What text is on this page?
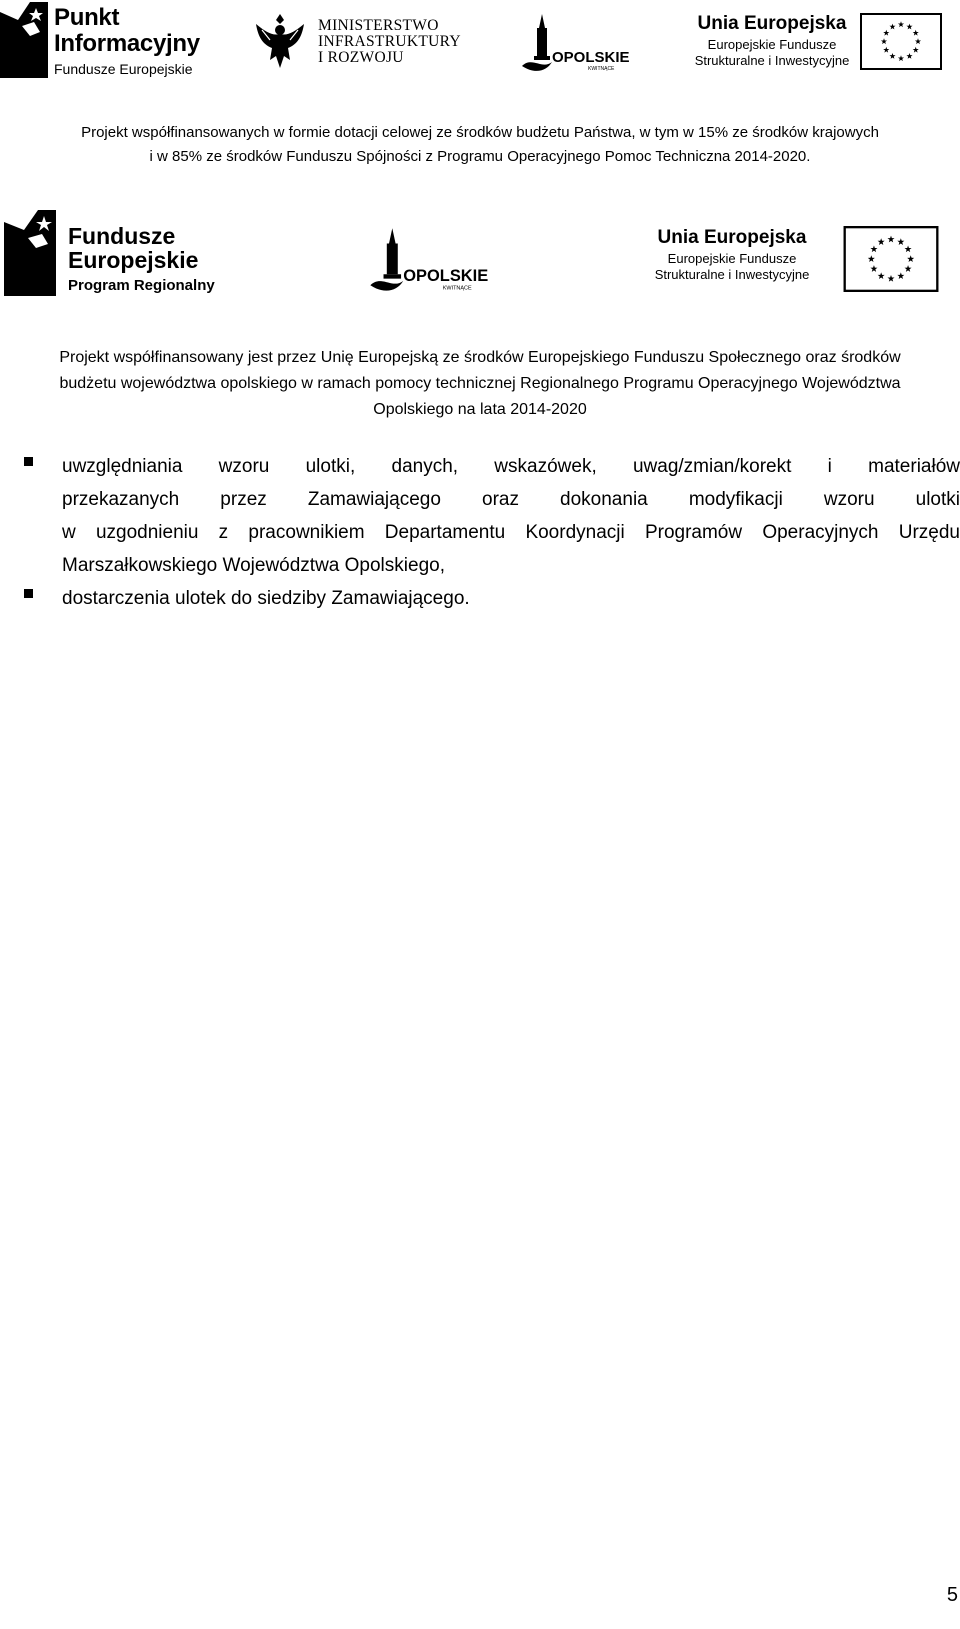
Punkt
Informacyjny
Fundusze Europejskie
MINISTERSTWO
INFRASTRUKTURY
I ROZWOJU	OPOLSKIE
KWITNĄCE
Unia Europejska
Europejskie Fundusze
Strukturalne i Inwestycyjne
Projekt współfinansowanych w formie dotacji celowej ze środków budżetu Państwa, w tym w 15% ze środków krajowych
i w 85% ze środków Funduszu Spójności z Programu Operacyjnego Pomoc Techniczna 2014-2020.
Fundusze
Europejskie
Program Regionalny
OPOLSKIE
KWITNĄCE
Unia Europejska
Europejskie Fundusze
Strukturalne i Inwestycyjne
Projekt współfinansowany jest przez Unię Europejską ze środków Europejskiego Funduszu Społecznego oraz środków
budżetu województwa opolskiego w ramach pomocy technicznej Regionalnego Programu Operacyjnego Województwa
Opolskiego na lata 2014-2020
uwzględniania wzoru ulotki, danych, wskazówek, uwag/zmian/korekt i materiałów
przekazanych przez Zamawiającego oraz dokonania modyfikacji wzoru ulotki
w uzgodnieniu z pracownikiem Departamentu Koordynacji Programów Operacyjnych Urzędu
Marszałkowskiego Województwa Opolskiego,
dostarczenia ulotek do siedziby Zamawiającego.
5
